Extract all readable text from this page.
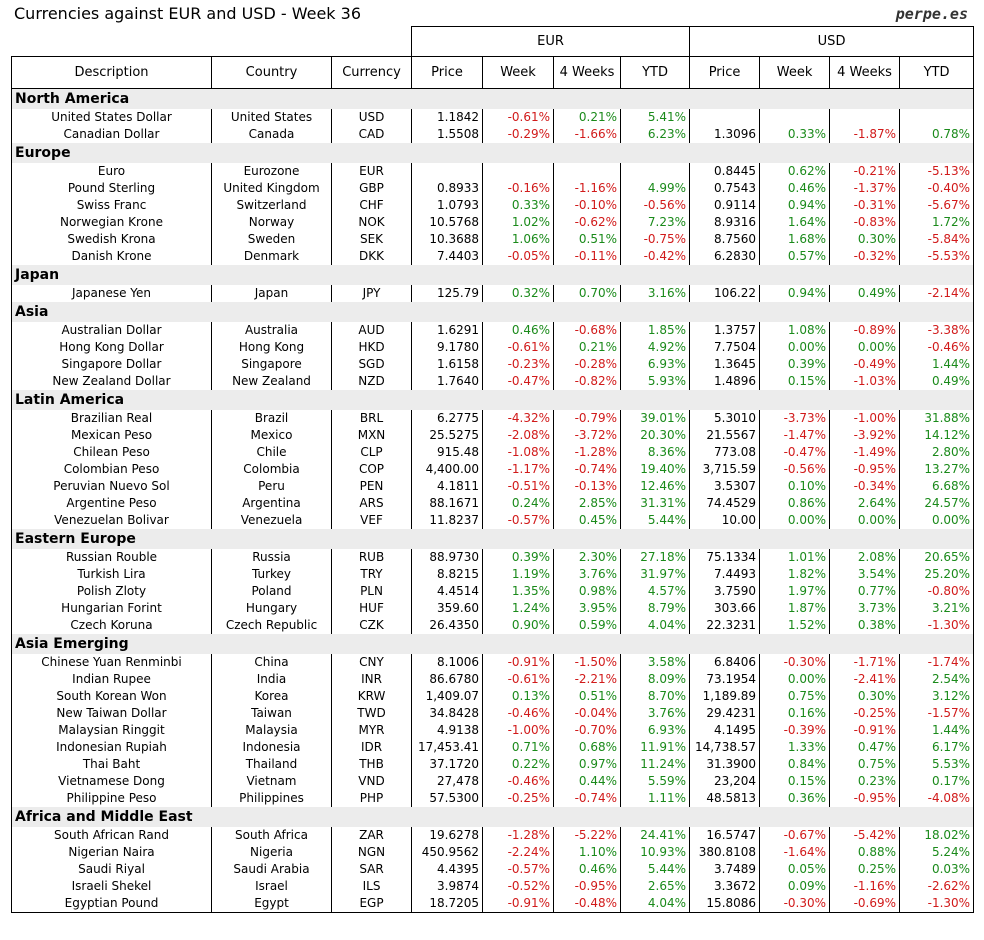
Currencies against EUR and USD - Week 36	perpe.es
			EUR				USD			
Description	Country	Currency	Price	Week	4 Weeks	YTD	Price	Week	4 Weeks	YTD
North America										
United States Dollar	United States	USD	1.1842	-0.61%	0.21%	5.41%				
Canadian Dollar	Canada	CAD	1.5508	-0.29%	-1.66%	6.23%	1.3096	0.33%	-1.87%	0.78%
Europe										
Euro	Eurozone	EUR					0.8445	0.62%	-0.21%	-5.13%
Pound Sterling	United Kingdom	GBP	0.8933	-0.16%	-1.16%	4.99%	0.7543	0.46%	-1.37%	-0.40%
Swiss Franc	Switzerland	CHF	1.0793	0.33%	-0.10%	-0.56%	0.9114	0.94%	-0.31%	-5.67%
Norwegian Krone	Norway	NOK	10.5768	1.02%	-0.62%	7.23%	8.9316	1.64%	-0.83%	1.72%
Swedish Krona	Sweden	SEK	10.3688	1.06%	0.51%	-0.75%	8.7560	1.68%	0.30%	-5.84%
Danish Krone	Denmark	DKK	7.4403	-0.05%	-0.11%	-0.42%	6.2830	0.57%	-0.32%	-5.53%
Japan										
Japanese Yen	Japan	JPY	125.79	0.32%	0.70%	3.16%	106.22	0.94%	0.49%	-2.14%
Asia										
Australian Dollar	Australia	AUD	1.6291	0.46%	-0.68%	1.85%	1.3757	1.08%	-0.89%	-3.38%
Hong Kong Dollar	Hong Kong	HKD	9.1780	-0.61%	0.21%	4.92%	7.7504	0.00%	0.00%	-0.46%
Singapore Dollar	Singapore	SGD	1.6158	-0.23%	-0.28%	6.93%	1.3645	0.39%	-0.49%	1.44%
New Zealand Dollar	New Zealand	NZD	1.7640	-0.47%	-0.82%	5.93%	1.4896	0.15%	-1.03%	0.49%
Latin America										
Brazilian Real	Brazil	BRL	6.2775	-4.32%	-0.79%	39.01%	5.3010	-3.73%	-1.00%	31.88%
Mexican Peso	Mexico	MXN	25.5275	-2.08%	-3.72%	20.30%	21.5567	-1.47%	-3.92%	14.12%
Chilean Peso	Chile	CLP	915.48	-1.08%	-1.28%	8.36%	773.08	-0.47%	-1.49%	2.80%
Colombian Peso	Colombia	COP	4,400.00	-1.17%	-0.74%	19.40%	3,715.59	-0.56%	-0.95%	13.27%
Peruvian Nuevo Sol	Peru	PEN	4.1811	-0.51%	-0.13%	12.46%	3.5307	0.10%	-0.34%	6.68%
Argentine Peso	Argentina	ARS	88.1671	0.24%	2.85%	31.31%	74.4529	0.86%	2.64%	24.57%
Venezuelan Bolivar	Venezuela	VEF	11.8237	-0.57%	0.45%	5.44%	10.00	0.00%	0.00%	0.00%
Eastern Europe										
Russian Rouble	Russia	RUB	88.9730	0.39%	2.30%	27.18%	75.1334	1.01%	2.08%	20.65%
Turkish Lira	Turkey	TRY	8.8215	1.19%	3.76%	31.97%	7.4493	1.82%	3.54%	25.20%
Polish Zloty	Poland	PLN	4.4514	1.35%	0.98%	4.57%	3.7590	1.97%	0.77%	-0.80%
Hungarian Forint	Hungary	HUF	359.60	1.24%	3.95%	8.79%	303.66	1.87%	3.73%	3.21%
Czech Koruna	Czech Republic	CZK	26.4350	0.90%	0.59%	4.04%	22.3231	1.52%	0.38%	-1.30%
Asia Emerging										
Chinese Yuan Renminbi	China	CNY	8.1006	-0.91%	-1.50%	3.58%	6.8406	-0.30%	-1.71%	-1.74%
Indian Rupee	India	INR	86.6780	-0.61%	-2.21%	8.09%	73.1954	0.00%	-2.41%	2.54%
South Korean Won	Korea	KRW	1,409.07	0.13%	0.51%	8.70%	1,189.89	0.75%	0.30%	3.12%
New Taiwan Dollar	Taiwan	TWD	34.8428	-0.46%	-0.04%	3.76%	29.4231	0.16%	-0.25%	-1.57%
Malaysian Ringgit	Malaysia	MYR	4.9138	-1.00%	-0.70%	6.93%	4.1495	-0.39%	-0.91%	1.44%
Indonesian Rupiah	Indonesia	IDR	17,453.41	0.71%	0.68%	11.91%	14,738.57	1.33%	0.47%	6.17%
Thai Baht	Thailand	THB	37.1720	0.22%	0.97%	11.24%	31.3900	0.84%	0.75%	5.53%
Vietnamese Dong	Vietnam	VND	27,478	-0.46%	0.44%	5.59%	23,204	0.15%	0.23%	0.17%
Philippine Peso	Philippines	PHP	57.5300	-0.25%	-0.74%	1.11%	48.5813	0.36%	-0.95%	-4.08%
Africa and Middle East										
South African Rand	South Africa	ZAR	19.6278	-1.28%	-5.22%	24.41%	16.5747	-0.67%	-5.42%	18.02%
Nigerian Naira	Nigeria	NGN	450.9562	-2.24%	1.10%	10.93%	380.8108	-1.64%	0.88%	5.24%
Saudi Riyal	Saudi Arabia	SAR	4.4395	-0.57%	0.46%	5.44%	3.7489	0.05%	0.25%	0.03%
Israeli Shekel	Israel	ILS	3.9874	-0.52%	-0.95%	2.65%	3.3672	0.09%	-1.16%	-2.62%
Egyptian Pound	Egypt	EGP	18.7205	-0.91%	-0.48%	4.04%	15.8086	-0.30%	-0.69%	-1.30%
